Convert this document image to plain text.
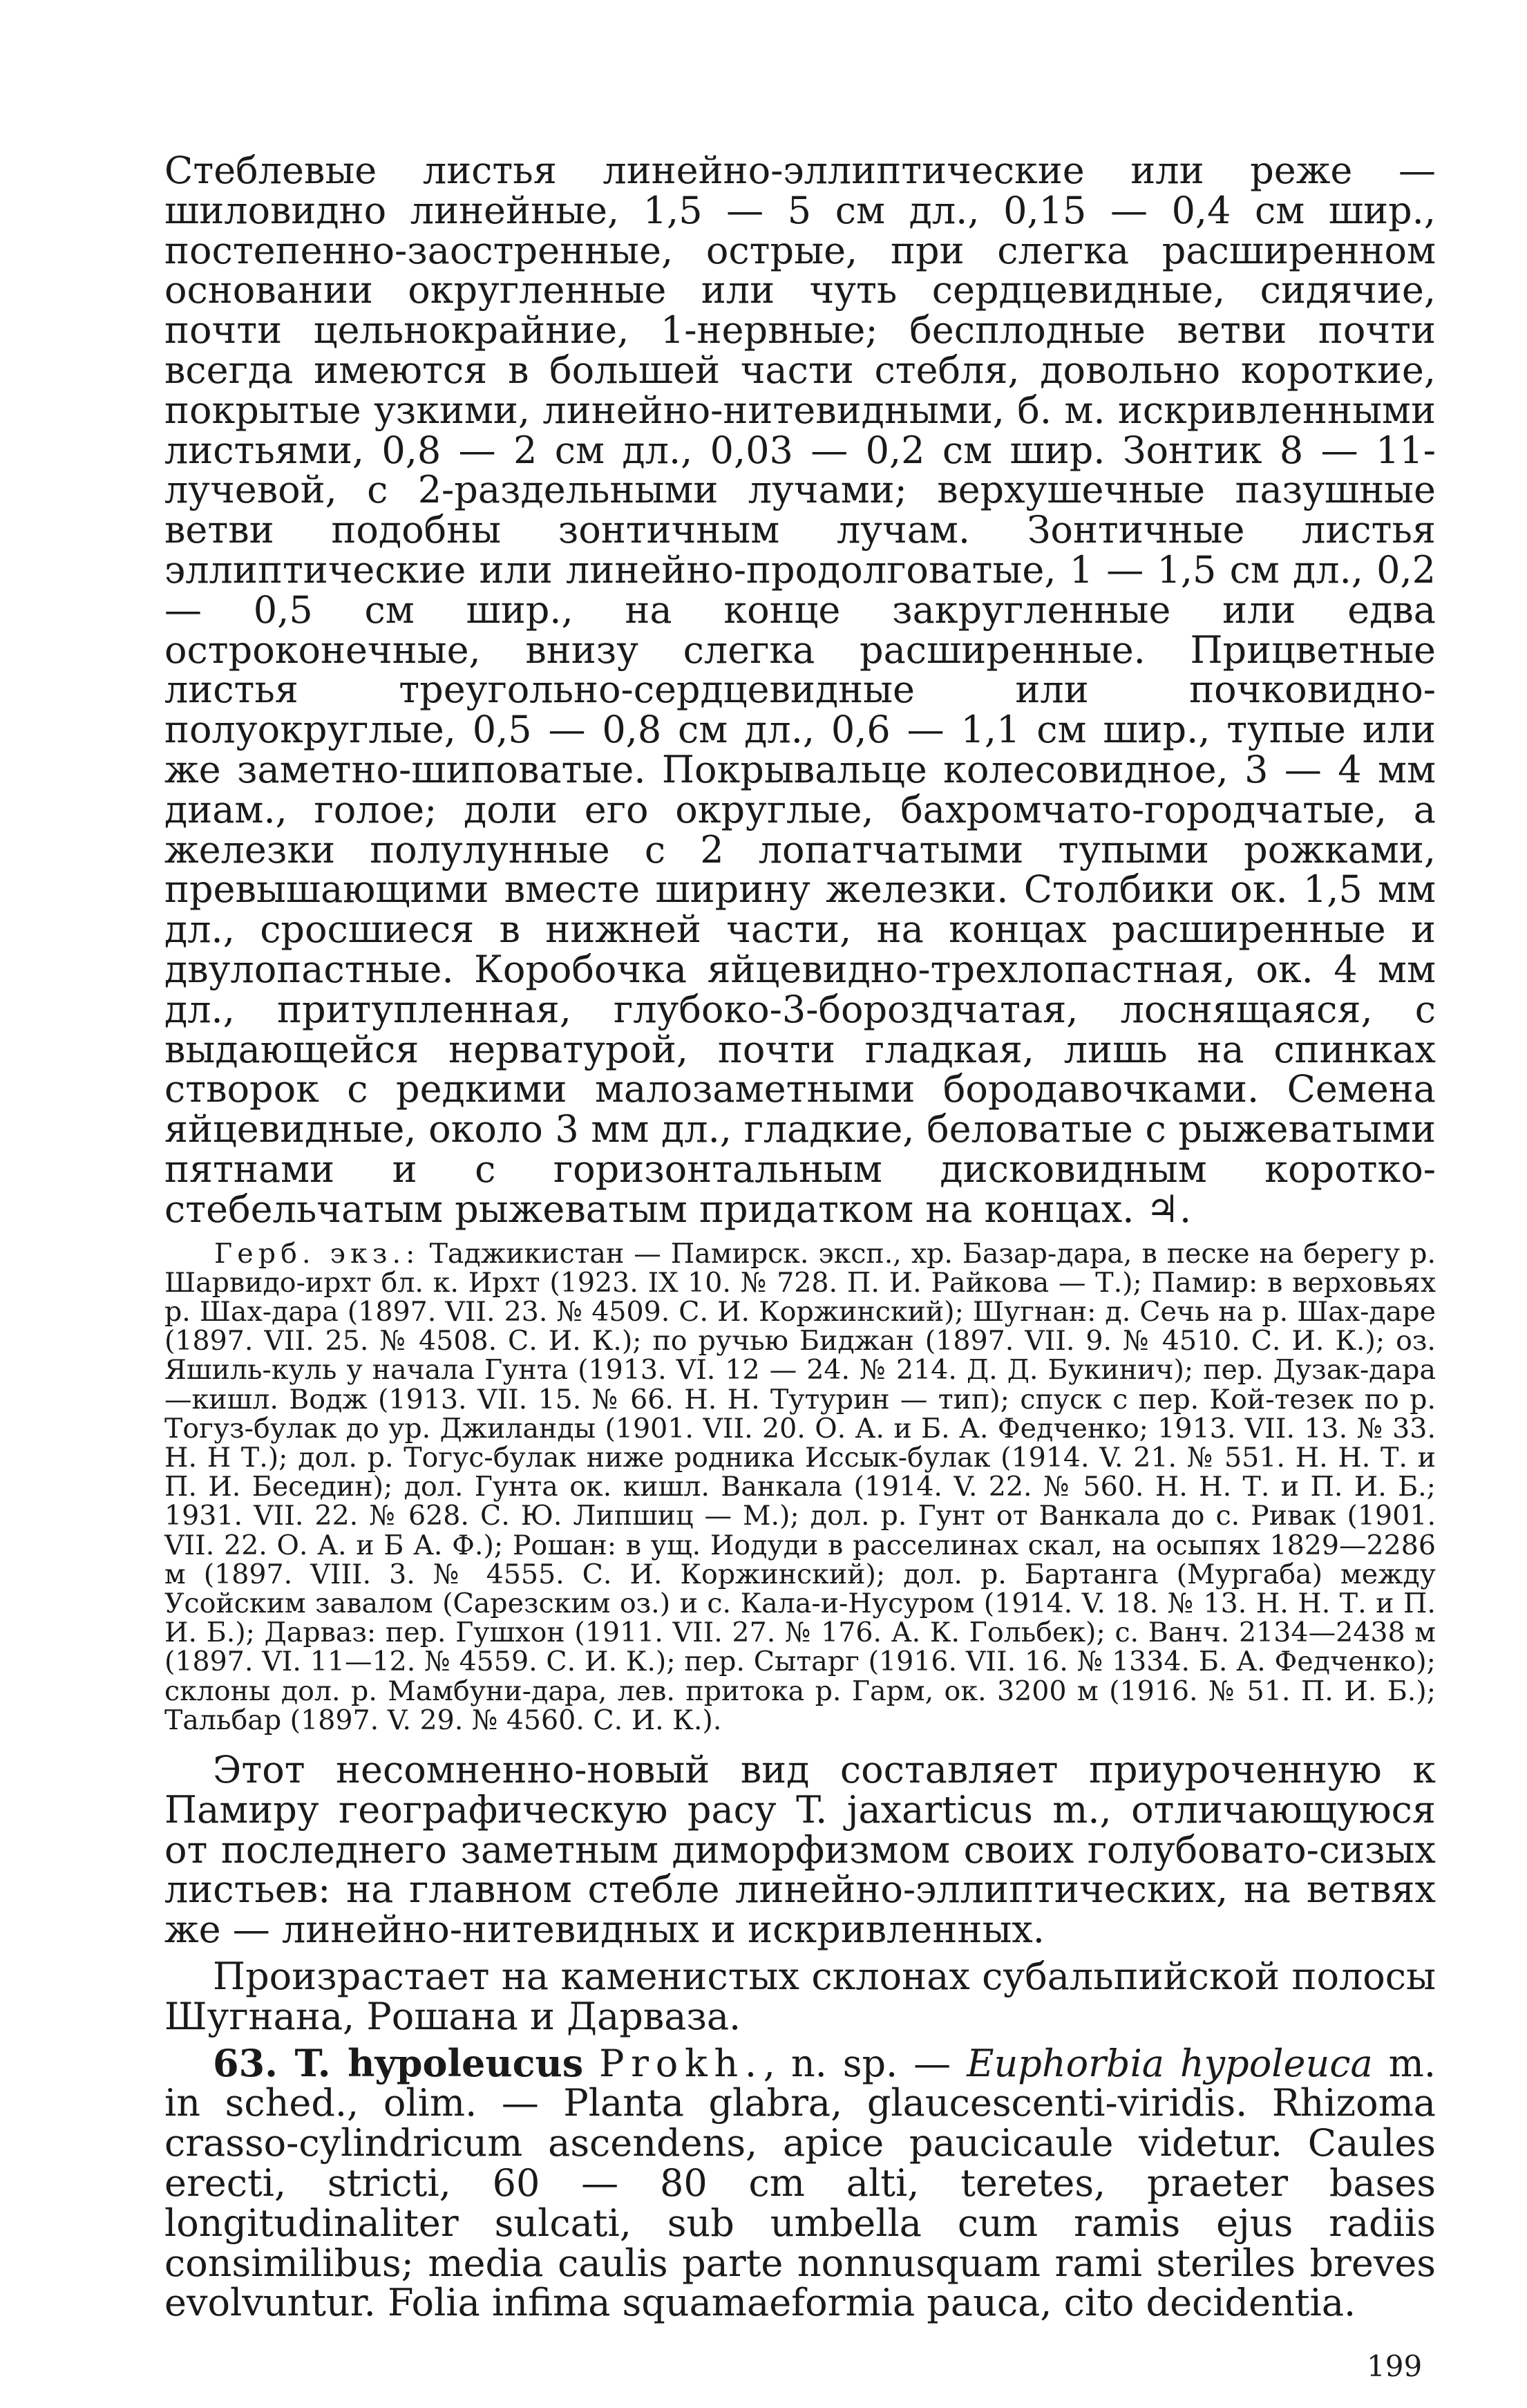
Стеблевые листья линейно-эллиптические или реже — шиловидно линейные, 1,5 — 5 см дл., 0,15 — 0,4 см шир., постепенно-заостренные, острые, при слегка расширенном основании округленные или чуть сердцевидные, сидячие, почти цельнокрайние, 1-нервные; бесплодные ветви почти всегда имеются в большей части стебля, довольно короткие, покрытые узкими, линейно-нитевидными, б. м. искривленными листьями, 0,8 — 2 см дл., 0,03 — 0,2 см шир. Зонтик 8 — 11-лучевой, с 2-раздельными лучами; верхушечные пазушные ветви подобны зонтичным лучам. Зонтичные листья эллиптические или линейно-продолговатые, 1 — 1,5 см дл., 0,2 — 0,5 см шир., на конце закругленные или едва остроконечные, внизу слегка расширенные. Прицветные листья треугольно-сердцевидные или почковидно-полуокруглые, 0,5 — 0,8 см дл., 0,6 — 1,1 см шир., тупые или же заметно-шиповатые. Покрывальце колесовидное, 3 — 4 мм диам., голое; доли его округлые, бахромчато-городчатые, а железки полулунные с 2 лопатчатыми тупыми рожками, превышающими вместе ширину железки. Столбики ок. 1,5 мм дл., сросшиеся в нижней части, на концах расширенные и двулопастные. Коробочка яйцевидно-трехлопастная, ок. 4 мм дл., притупленная, глубоко-3-бороздчатая, лоснящаяся, с выдающейся нерватурой, почти гладкая, лишь на спинках створок с редкими малозаметными бородавочками. Семена яйцевидные, около 3 мм дл., гладкие, беловатые с рыжеватыми пятнами и с горизонтальным дисковидным коротко-стебельчатым рыжеватым придатком на концах. ♃.

Герб. экз.: Таджикистан — Памирск. эксп., хр. Базар-дара, в песке на берегу р. Шарвидо-ирхт бл. к. Ирхт (1923. IX 10. № 728. П. И. Райкова — Т.); Памир: в верховьях р. Шах-дара (1897. VII. 23. № 4509. С. И. Коржинский); Шугнан: д. Сечь на р. Шах-даре (1897. VII. 25. № 4508. С. И. К.); по ручью Биджан (1897. VII. 9. № 4510. С. И. К.); оз. Яшиль-куль у начала Гунта (1913. VI. 12 — 24. № 214. Д. Д. Букинич); пер. Дузак-дара—кишл. Водж (1913. VII. 15. № 66. Н. Н. Тутурин — тип); спуск с пер. Кой-тезек по р. Тогуз-булак до ур. Джиланды (1901. VII. 20. О. А. и Б. А. Федченко; 1913. VII. 13. № 33. Н. Н Т.); дол. р. Тогус-булак ниже родника Иссык-булак (1914. V. 21. № 551. Н. Н. Т. и П. И. Беседин); дол. Гунта ок. кишл. Ванкала (1914. V. 22. № 560. Н. Н. Т. и П. И. Б.; 1931. VII. 22. № 628. С. Ю. Липшиц — М.); дол. р. Гунт от Ванкала до с. Ривак (1901. VII. 22. О. А. и Б А. Ф.); Рошан: в ущ. Иодуди в расселинах скал, на осыпях 1829—2286 м (1897. VIII. 3. № 4555. С. И. Коржинский); дол. р. Бартанга (Мургаба) между Усойским завалом (Сарезским оз.) и с. Кала-и-Нусуром (1914. V. 18. № 13. Н. Н. Т. и П. И. Б.); Дарваз: пер. Гушхон (1911. VII. 27. № 176. А. К. Гольбек); с. Ванч. 2134—2438 м (1897. VI. 11—12. № 4559. С. И. К.); пер. Сытарг (1916. VII. 16. № 1334. Б. А. Федченко); склоны дол. р. Мамбуни-дара, лев. притока р. Гарм, ок. 3200 м (1916. № 51. П. И. Б.); Тальбар (1897. V. 29. № 4560. С. И. К.).

Этот несомненно-новый вид составляет приуроченную к Памиру географическую расу T. jaxarticus m., отличающуюся от последнего заметным диморфизмом своих голубовато-сизых листьев: на главном стебле линейно-эллиптических, на ветвях же — линейно-нитевидных и искривленных.

Произрастает на каменистых склонах субальпийской полосы Шугнана, Рошана и Дарваза.

63. T. hypoleucus Prokh., n. sp. — Euphorbia hypoleuca m. in sched., olim. — Planta glabra, glaucescenti-viridis. Rhizoma crasso-cylindricum ascendens, apice paucicaule videtur. Caules erecti, stricti, 60 — 80 cm alti, teretes, praeter bases longitudinaliter sulcati, sub umbella cum ramis ejus radiis consimilibus; media caulis parte nonnusquam rami steriles breves evolvuntur. Folia infima squamaeformia pauca, cito decidentia.

199
